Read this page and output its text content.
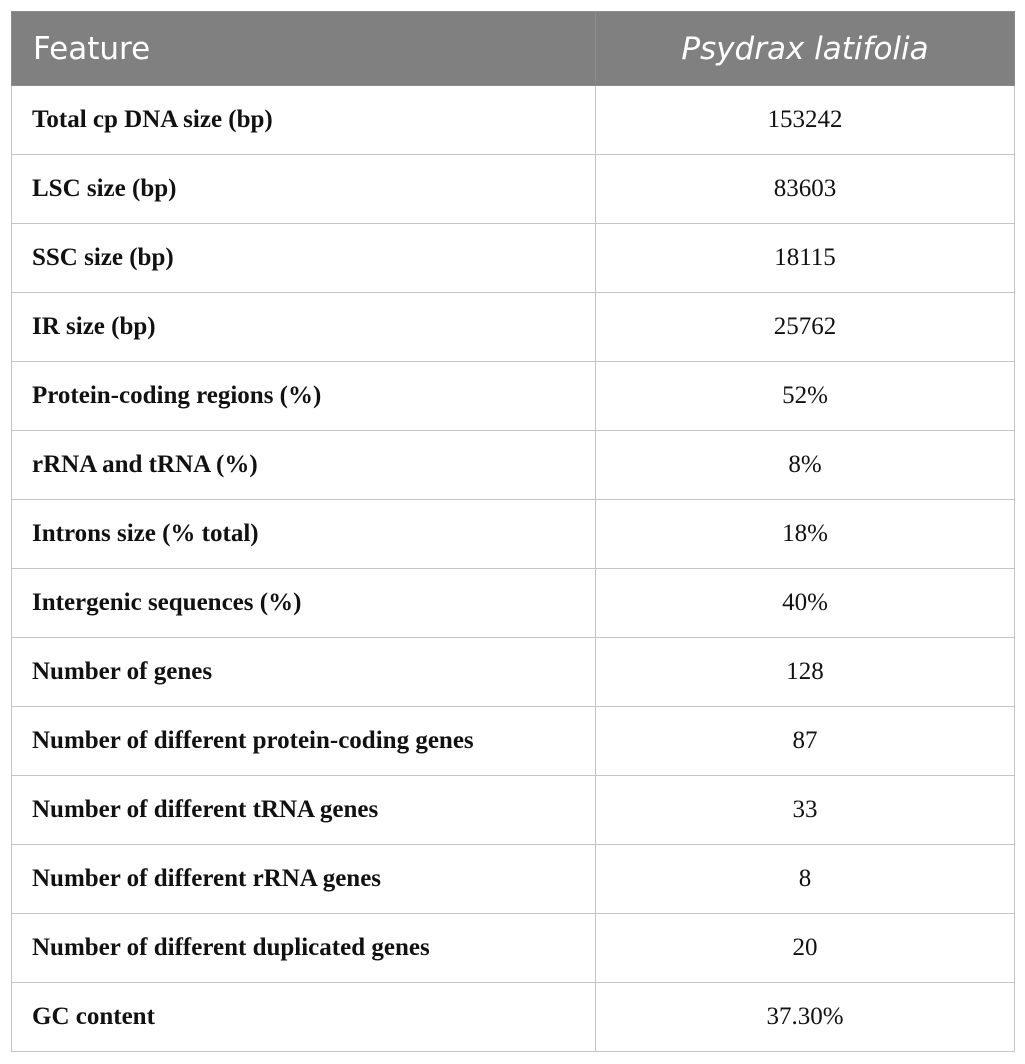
Feature	Psydrax latifolia
Total cp DNA size (bp)	153242
LSC size (bp)	83603
SSC size (bp)	18115
IR size (bp)	25762
Protein-coding regions (%)	52%
rRNA and tRNA (%)	8%
Introns size (% total)	18%
Intergenic sequences (%)	40%
Number of genes	128
Number of different protein-coding genes	87
Number of different tRNA genes	33
Number of different rRNA genes	8
Number of different duplicated genes	20
GC content	37.30%
